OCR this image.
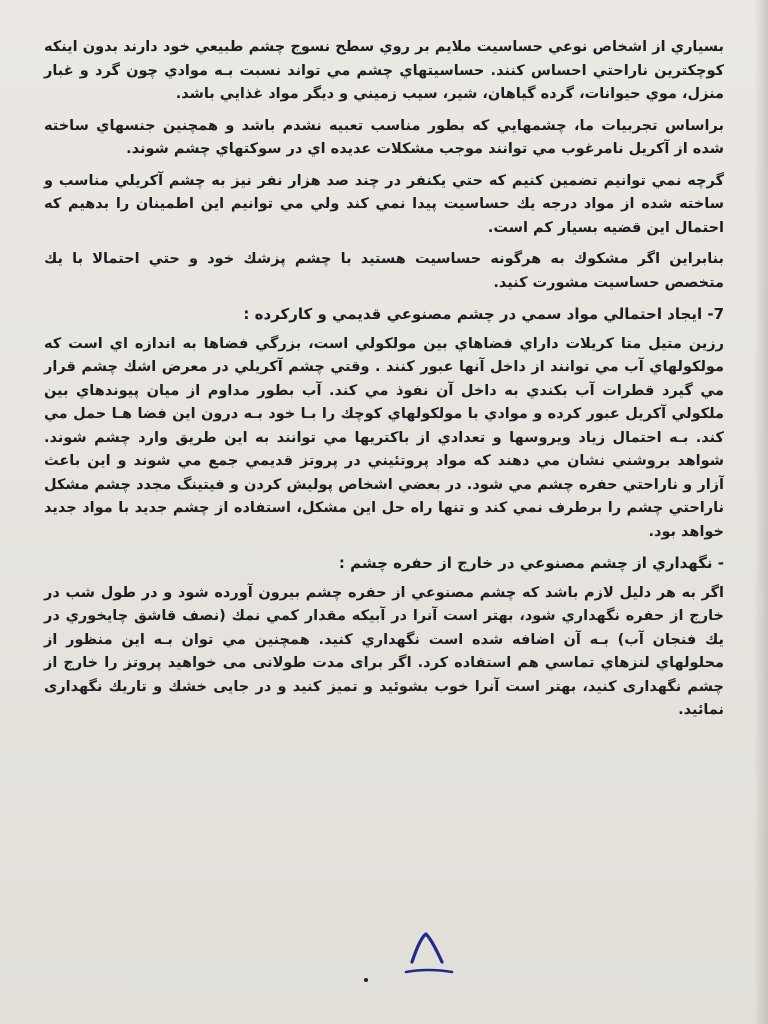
بسياري از اشخاص نوعي حساسيت ملايم بر روي سطح نسوج چشم طبيعي خود دارند بدون اينكه كوچكترين ناراحتي احساس كنند. حساسيتهاي چشم مي تواند نسبت بـه موادي چون گرد و غبار منزل، موي حيوانات، گرده گياهان، شير، سيب زميني و ديگر مواد غذايي باشد.

براساس تجربيات ما، چشمهايي كه بطور مناسب تعبيه نشدم باشد و همچنين جنسهاي ساخته شده از آكريل نامرغوب مي توانند موجب مشكلات عديده اي در سوكتهاي چشم شوند.

گرچه نمي توانيم تضمين كنيم كه حتي يكنفر در چند صد هزار نفر نيز به چشم آكريلي مناسب و ساخته شده از مواد درجه يك حساسيت پيدا نمي كند ولي مي توانيم اين اطمينان را بدهيم كه احتمال اين قضيه بسيار كم است.

بنابراين اگر مشكوك به هرگونه حساسيت هستيد با چشم پزشك خود و حتي احتمالا با يك متخصص حساسيت مشورت كنيد.

7- ايجاد احتمالي مواد سمي در چشم مصنوعي قديمي و كاركرده :

رزين متيل متا كريلات داراي فضاهاي بين مولكولي است، بزرگي فضاها به اندازه اي است كه مولكولهاي آب مي توانند از داخل آنها عبور كنند . وقتي چشم آكريلي در معرض اشك چشم قرار مي گيرد قطرات آب بكندي به داخل آن نفوذ مي كند. آب بطور مداوم از ميان پيوندهاي بين ملكولي آكريل عبور كرده و موادي با مولكولهاي كوچك را بـا خود بـه درون اين فضا هـا حمل مي كند. بـه احتمال زياد ويروسها و تعدادي از باكتريها مي توانند به اين طريق وارد چشم شوند. شواهد بروشني نشان مي دهند كه مواد پروتئيني در پروتز قديمي جمع مي شوند و اين باعث آزار و ناراحتي حفره چشم مي شود. در بعضي اشخاص پوليش كردن و فيتينگ مجدد چشم مشكل ناراحتي چشم را برطرف نمي كند و تنها راه حل اين مشكل، استفاده از چشم جديد با مواد جديد خواهد بود.

- نگهداري از چشم مصنوعي در خارج از حفره چشم :

اگر به هر دليل لازم باشد كه چشم مصنوعي از حفره چشم بيرون آورده شود و در طول شب در خارج از حفره نگهداري شود، بهتر است آنرا در آبيكه مقدار كمي نمك (نصف قاشق چايخوري در يك فنجان آب) بـه آن اضافه شده است نگهداري كنيد. همچنين مي توان بـه اين منظور از محلولهاي لنزهاي تماسي هم استفاده كرد. اگر براى مدت طولانى مى خواهيد پروتز را خارج از چشم نگهدارى كنيد، بهتر است آنرا خوب بشوئيد و تميز كنيد و در جايى خشك و تاريك نگهدارى نمائيد.
